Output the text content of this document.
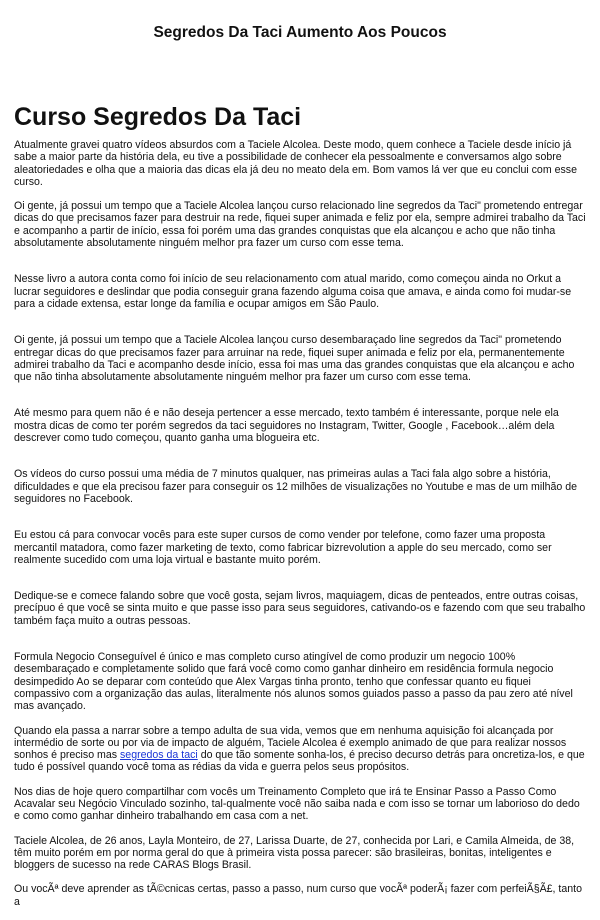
Segredos Da Taci Aumento Aos Poucos
Curso Segredos Da Taci

Atualmente gravei quatro vídeos absurdos com a Taciele Alcolea. Deste modo, quem conhece a Taciele desde início já sabe a maior parte da história dela, eu tive a possibilidade de conhecer ela pessoalmente e conversamos algo sobre aleatoriedades e olha que a maioria das dicas ela já deu no meato dela em. Bom vamos lá ver que eu conclui com esse curso.

Oi gente, já possui um tempo que a Taciele Alcolea lançou curso relacionado line segredos da Taci" prometendo entregar dicas do que precisamos fazer para destruir na rede, fiquei super animada e feliz por ela, sempre admirei trabalho da Taci e acompanho a partir de início, essa foi porém uma das grandes conquistas que ela alcançou e acho que não tinha absolutamente absolutamente ninguém melhor pra fazer um curso com esse tema.

Nesse livro a autora conta como foi início de seu relacionamento com atual marido, como começou ainda no Orkut a lucrar seguidores e deslindar que podia conseguir grana fazendo alguma coisa que amava, e ainda como foi mudar-se para a cidade extensa, estar longe da família e ocupar amigos em São Paulo.

Oi gente, já possui um tempo que a Taciele Alcolea lançou curso desembaraçado line segredos da Taci" prometendo entregar dicas do que precisamos fazer para arruinar na rede, fiquei super animada e feliz por ela, permanentemente admirei trabalho da Taci e acompanho desde início, essa foi mas uma das grandes conquistas que ela alcançou e acho que não tinha absolutamente absolutamente ninguém melhor pra fazer um curso com esse tema.

Até mesmo para quem não é e não deseja pertencer a esse mercado, texto também é interessante, porque nele ela mostra dicas de como ter porém segredos da taci seguidores no Instagram, Twitter, Google , Facebook…além dela descrever como tudo começou, quanto ganha uma blogueira etc.

Os vídeos do curso possui uma média de 7 minutos qualquer, nas primeiras aulas a Taci fala algo sobre a história, dificuldades e que ela precisou fazer para conseguir os 12 milhões de visualizações no Youtube e mas de um milhão de seguidores no Facebook.

Eu estou cá para convocar vocês para este super cursos de como vender por telefone, como fazer uma proposta mercantil matadora, como fazer marketing de texto, como fabricar bizrevolution a apple do seu mercado, como ser realmente sucedido com uma loja virtual e bastante muito porém.

Dedique-se e comece falando sobre que você gosta, sejam livros, maquiagem, dicas de penteados, entre outras coisas, precípuo é que você se sinta muito e que passe isso para seus seguidores, cativando-os e fazendo com que seu trabalho também faça muito a outras pessoas.

Formula Negocio Conseguível é único e mas completo curso atingível de como produzir um negocio 100% desembaraçado e completamente solido que fará você como como ganhar dinheiro em residência formula negocio desimpedido Ao se deparar com conteúdo que Alex Vargas tinha pronto, tenho que confessar quanto eu fiquei compassivo com a organização das aulas, literalmente nós alunos somos guiados passo a passo da pau zero até nível mas avançado.

Quando ela passa a narrar sobre a tempo adulta de sua vida, vemos que em nenhuma aquisição foi alcançada por intermédio de sorte ou por via de impacto de alguém, Taciele Alcolea é exemplo animado de que para realizar nossos sonhos é preciso mas segredos da taci do que tão somente sonha-los, é preciso decurso detrás para oncretiza-los, e que tudo é possível quando você toma as rédias da vida e guerra pelos seus propósitos.

Nos dias de hoje quero compartilhar com vocês um Treinamento Completo que irá te Ensinar Passo a Passo Como Acavalar seu Negócio Vinculado sozinho, tal-qualmente você não saiba nada e com isso se tornar um laborioso do dedo e como como ganhar dinheiro trabalhando em casa com a net.

Taciele Alcolea, de 26 anos, Layla Monteiro, de 27, Larissa Duarte, de 27, conhecida por Lari, e Camila Almeida, de 38, têm muito porém em por norma geral do que à primeira vista possa parecer: são brasileiras, bonitas, inteligentes e bloggers de sucesso na rede CARAS Blogs Brasil.

Ou vocÃª deve aprender as tÃ©cnicas certas, passo a passo, num curso que vocÃª poderÃ¡ fazer com perfeiÃ§Ã£, tanto a
